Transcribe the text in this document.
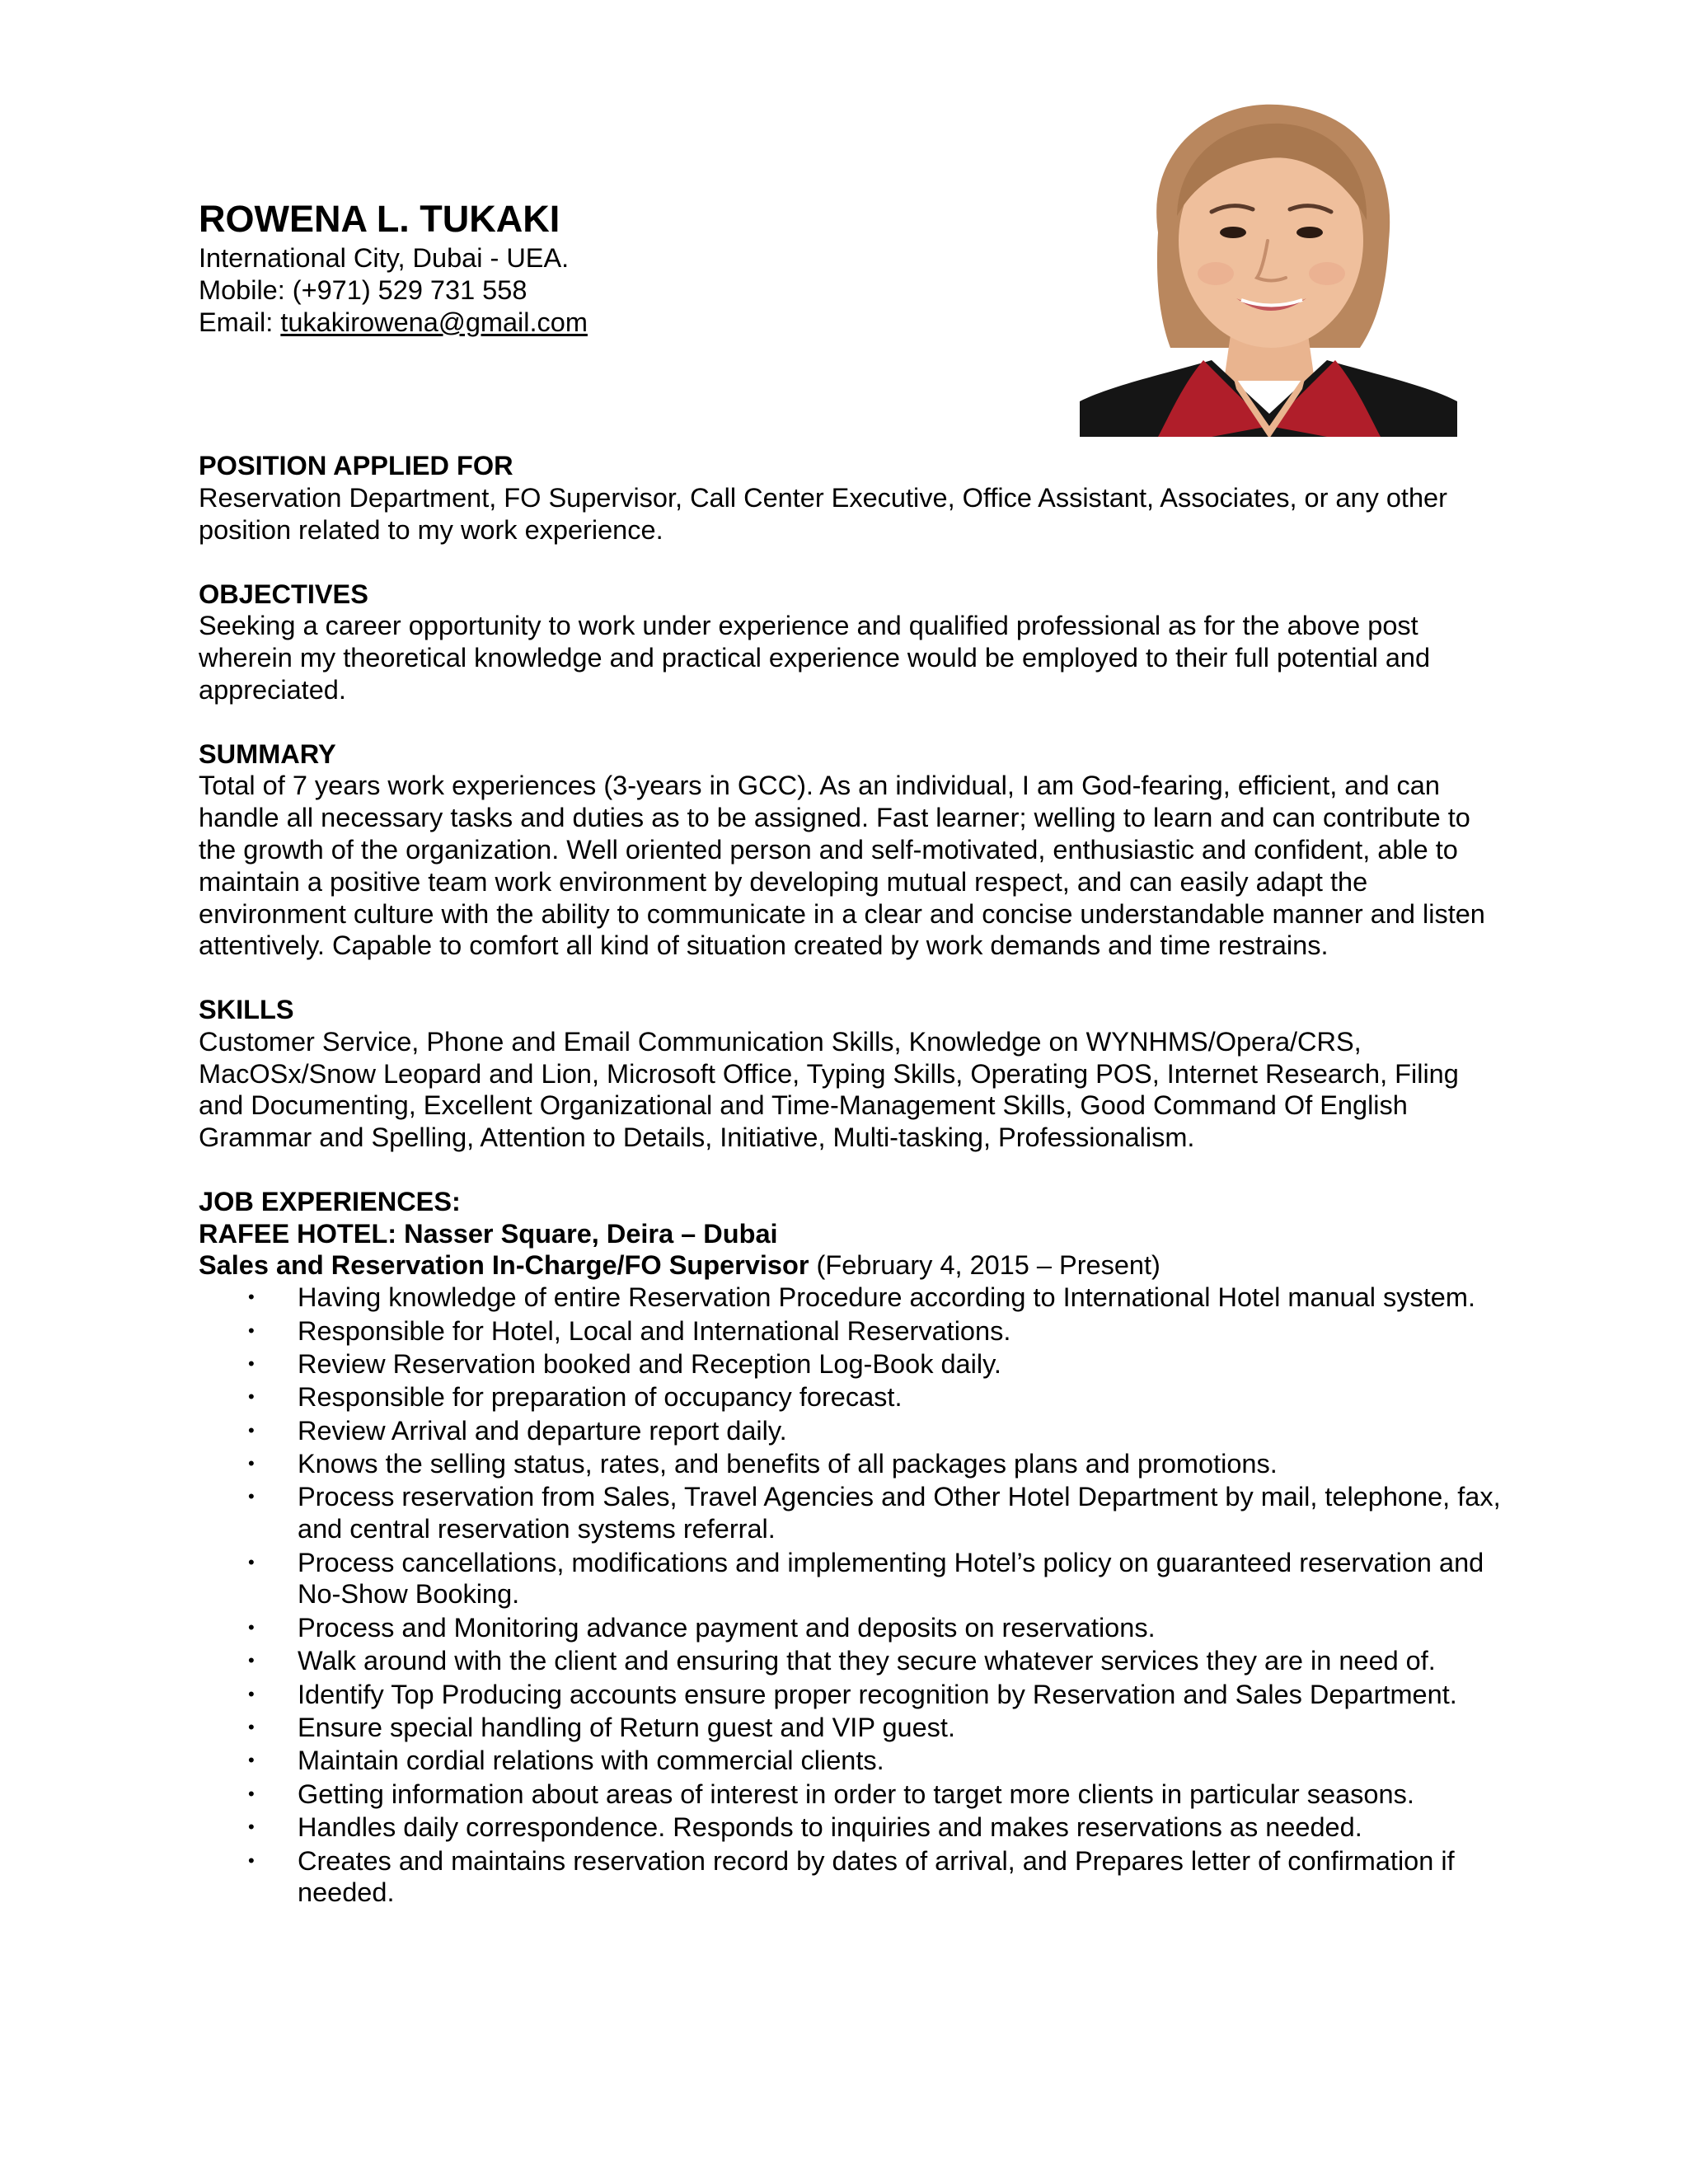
ROWENA L. TUKAKI

International City, Dubai - UEA.

Mobile: (+971) 529 731 558

Email: tukakirowena@gmail.com

POSITION APPLIED FOR

Reservation Department, FO Supervisor, Call Center Executive, Office Assistant, Associates, or any other position related to my work experience.

OBJECTIVES

Seeking a career opportunity to work under experience and qualified professional as for the above post wherein my theoretical knowledge and practical experience would be employed to their full potential and appreciated.

SUMMARY

Total of 7 years work experiences (3-years in GCC). As an individual, I am God-fearing, efficient, and can handle all necessary tasks and duties as to be assigned. Fast learner; welling to learn and can contribute to the growth of the organization. Well oriented person and self-motivated, enthusiastic and confident, able to maintain a positive team work environment by developing mutual respect, and can easily adapt the environment culture with the ability to communicate in a clear and concise understandable manner and listen attentively. Capable to comfort all kind of situation created by work demands and time restrains.

SKILLS

Customer Service, Phone and Email Communication Skills, Knowledge on WYNHMS/Opera/CRS, MacOSx/Snow Leopard and Lion, Microsoft Office, Typing Skills, Operating POS, Internet Research, Filing and Documenting, Excellent Organizational and Time-Management Skills, Good Command Of English Grammar and Spelling, Attention to Details, Initiative, Multi-tasking, Professionalism.

JOB EXPERIENCES:

RAFEE HOTEL: Nasser Square, Deira – Dubai

Sales and Reservation In-Charge/FO Supervisor (February 4, 2015 – Present)

• Having knowledge of entire Reservation Procedure according to International Hotel manual system.
• Responsible for Hotel, Local and International Reservations.
• Review Reservation booked and Reception Log-Book daily.
• Responsible for preparation of occupancy forecast.
• Review Arrival and departure report daily.
• Knows the selling status, rates, and benefits of all packages plans and promotions.
• Process reservation from Sales, Travel Agencies and Other Hotel Department by mail, telephone, fax, and central reservation systems referral.
• Process cancellations, modifications and implementing Hotel’s policy on guaranteed reservation and No-Show Booking.
• Process and Monitoring advance payment and deposits on reservations.
• Walk around with the client and ensuring that they secure whatever services they are in need of.
• Identify Top Producing accounts ensure proper recognition by Reservation and Sales Department.
• Ensure special handling of Return guest and VIP guest.
• Maintain cordial relations with commercial clients.
• Getting information about areas of interest in order to target more clients in particular seasons.
• Handles daily correspondence. Responds to inquiries and makes reservations as needed.
• Creates and maintains reservation record by dates of arrival, and Prepares letter of confirmation if needed.
